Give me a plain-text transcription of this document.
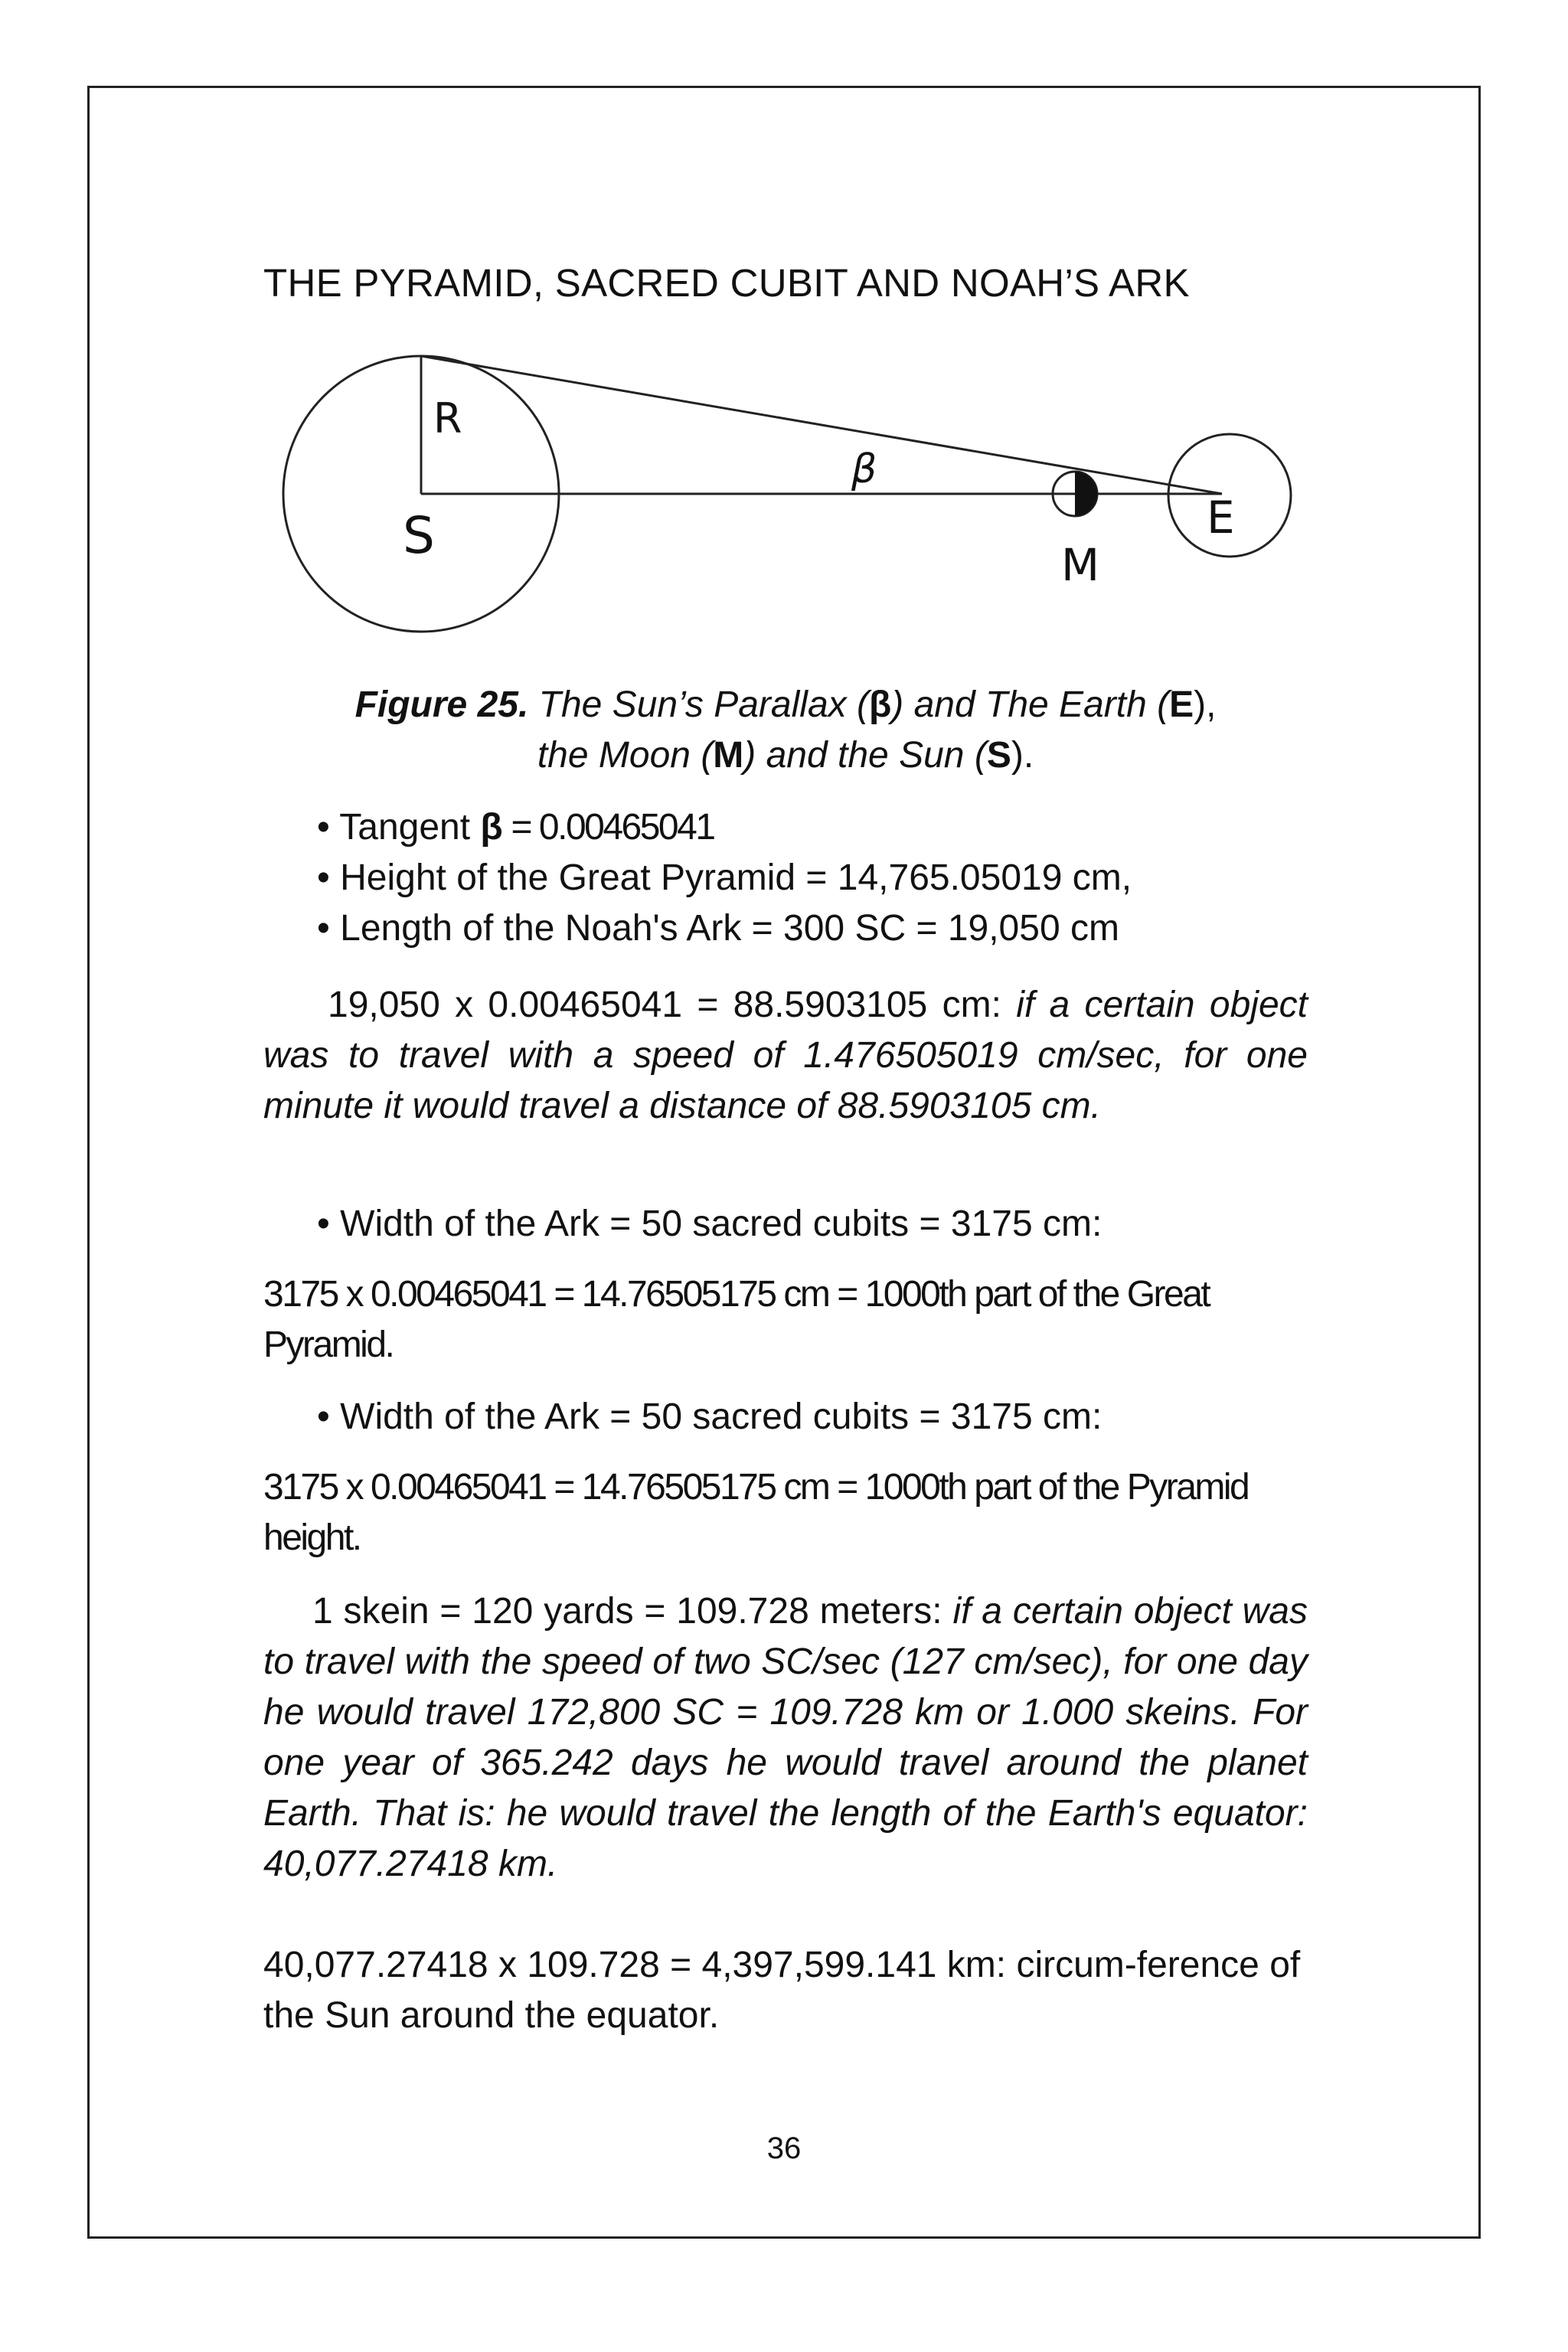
THE PYRAMID, SACRED CUBIT AND NOAH’S ARK
R
S
β
M
E
Figure 25. The Sun’s Parallax (β) and The Earth (E),
the Moon (M) and the Sun (S).
• Tangent β = 0.00465041
• Height of the Great Pyramid = 14,765.05019 cm,
• Length of the Noah's Ark = 300 SC = 19,050 cm

19,050 x 0.00465041 = 88.5903105 cm: if a certain object was to travel with a speed of 1.476505019 cm/sec, for one minute it would travel a distance of 88.5903105 cm.

• Width of the Ark = 50 sacred cubits = 3175 cm:

3175 x 0.00465041 = 14.76505175 cm = 1000th part of the Great Pyramid.

• Width of the Ark = 50 sacred cubits = 3175 cm:

3175 x 0.00465041 = 14.76505175 cm = 1000th part of the Pyramid height.

1 skein = 120 yards = 109.728 meters: if a certain object was to travel with the speed of two SC/sec (127 cm/sec), for one day he would travel 172,800 SC = 109.728 km or 1.000 skeins. For one year of 365.242 days he would travel around the planet Earth. That is: he would travel the length of the Earth's equator: 40,077.27418 km.

40,077.27418 x 109.728 = 4,397,599.141 km: circum-ference of the Sun around the equator.

36
